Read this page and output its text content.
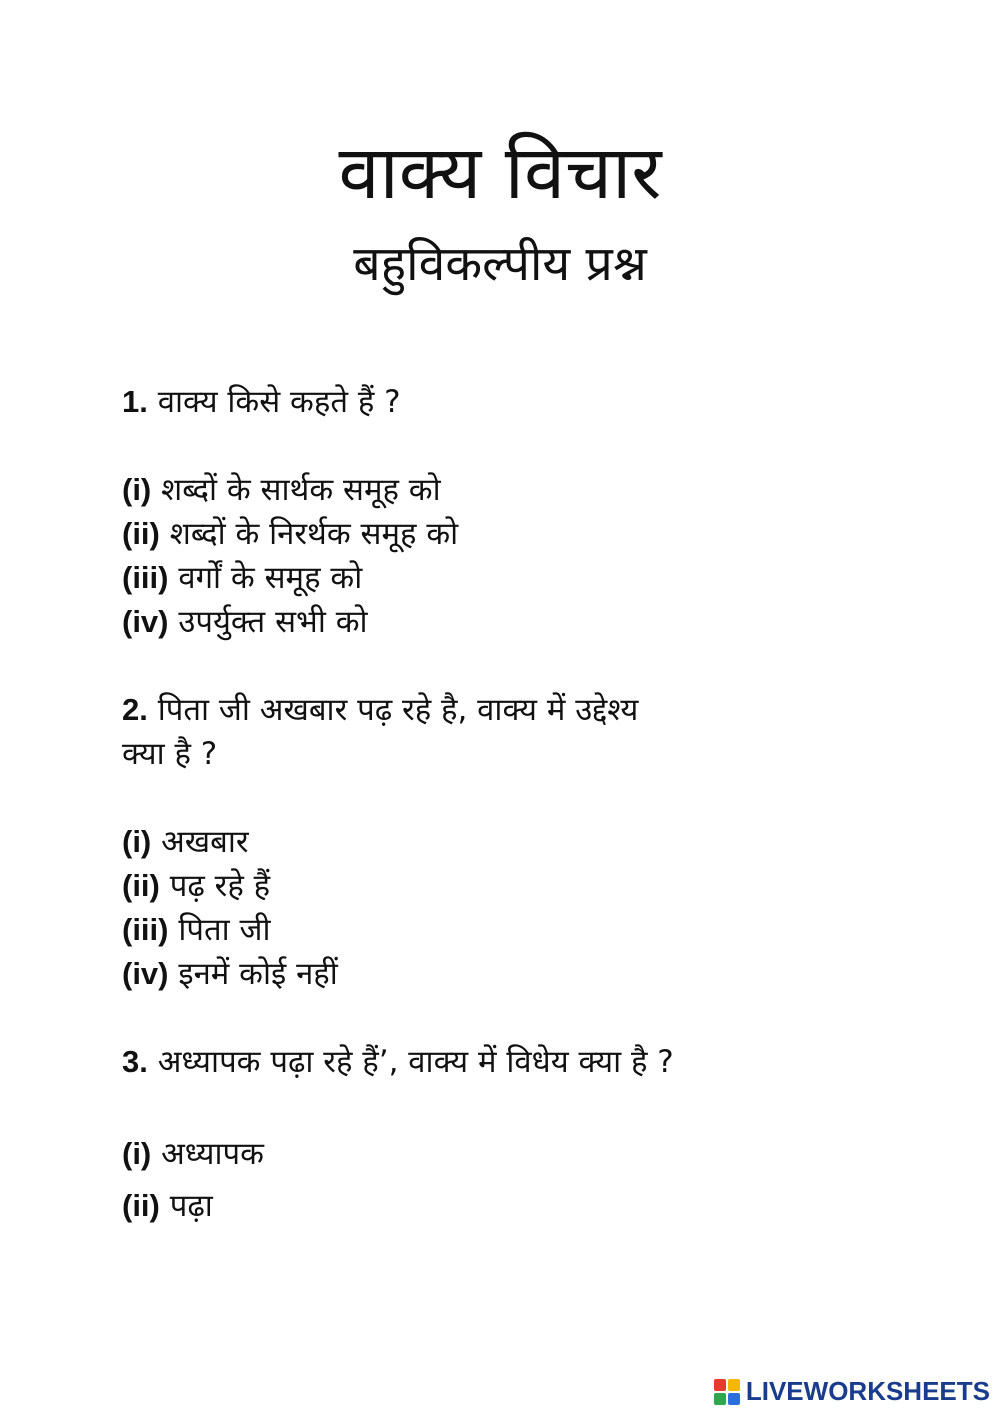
वाक्य विचार
बहुविकल्पीय प्रश्न

1. वाक्य किसे कहते हैं ?

(i) शब्दों के सार्थक समूह को
(ii) शब्दों के निरर्थक समूह को
(iii) वर्गों के समूह को
(iv) उपर्युक्त सभी को

2. पिता जी अखबार पढ़ रहे है, वाक्य में उद्देश्य
क्या है ?

(i) अखबार
(ii) पढ़ रहे हैं
(iii) पिता जी
(iv) इनमें कोई नहीं

3. अध्यापक पढ़ा रहे हैं’, वाक्य में विधेय क्या है ?

(i) अध्यापक
(ii) पढ़ा
LIVEWORKSHEETS
